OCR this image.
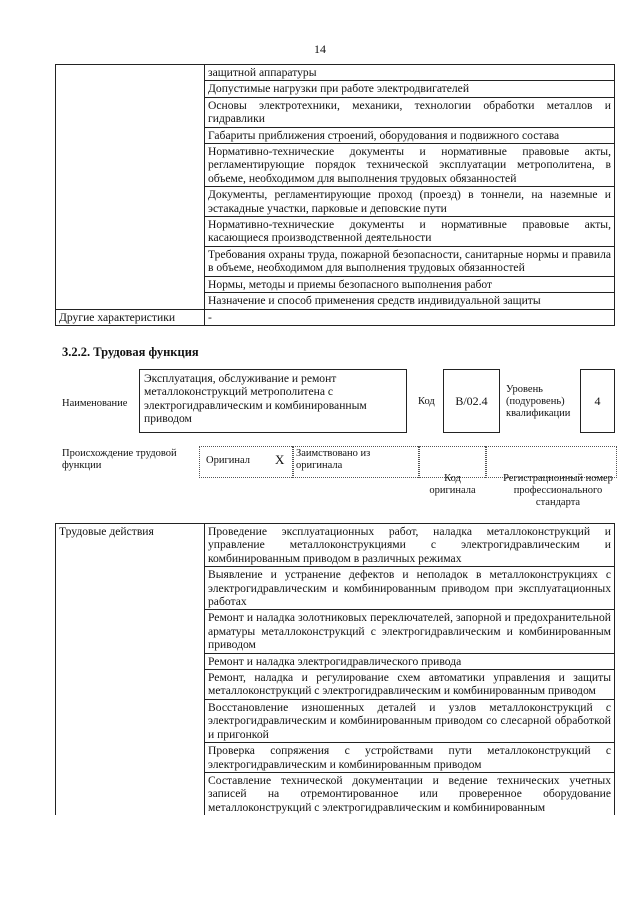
14
	защитной аппаратуры
	Допустимые нагрузки при работе электродвигателей
	Основы электротехники, механики, технологии обработки металлов и гидравлики
	Габариты приближения строений, оборудования и подвижного состава
	Нормативно-технические документы и нормативные правовые акты, регламентирующие порядок технической эксплуатации метрополитена, в объеме, необходимом для выполнения трудовых обязанностей
	Документы, регламентирующие проход (проезд) в тоннели, на наземные и эстакадные участки, парковые и деповские пути
	Нормативно-технические документы и нормативные правовые акты, касающиеся производственной деятельности
	Требования охраны труда, пожарной безопасности, санитарные нормы и правила в объеме, необходимом для выполнения трудовых обязанностей
	Нормы, методы и приемы безопасного выполнения работ
	Назначение и способ применения средств индивидуальной защиты
Другие характеристики	-
3.2.2. Трудовая функция
Наименование
Эксплуатация, обслуживание и ремонт металлоконструкций метрополитена с электрогидравлическим и комбинированным приводом
Код	B/02.4
Уровень (подуровень) квалификации
4
Происхождение трудовой функции	Оригинал X Заимствовано из оригинала
Код оригинала
Регистрационный номер профессионального стандарта
Трудовые действия	Проведение эксплуатационных работ, наладка металлоконструкций и управление металлоконструкциями с электрогидравлическим и комбинированным приводом в различных режимах
Выявление и устранение дефектов и неполадок в металлоконструкциях с электрогидравлическим и комбинированным приводом при эксплуатационных работах
Ремонт и наладка золотниковых переключателей, запорной и предохранительной арматуры металлоконструкций с электрогидравлическим и комбинированным приводом
Ремонт и наладка электрогидравлического привода
Ремонт, наладка и регулирование схем автоматики управления и защиты металлоконструкций с электрогидравлическим и комбинированным приводом
Восстановление изношенных деталей и узлов металлоконструкций с электрогидравлическим и комбинированным приводом со слесарной обработкой и пригонкой
Проверка сопряжения с устройствами пути металлоконструкций с электрогидравлическим и комбинированным приводом
Составление технической документации и ведение технических учетных записей на отремонтированное или проверенное оборудование металлоконструкций с электрогидравлическим и комбинированным
